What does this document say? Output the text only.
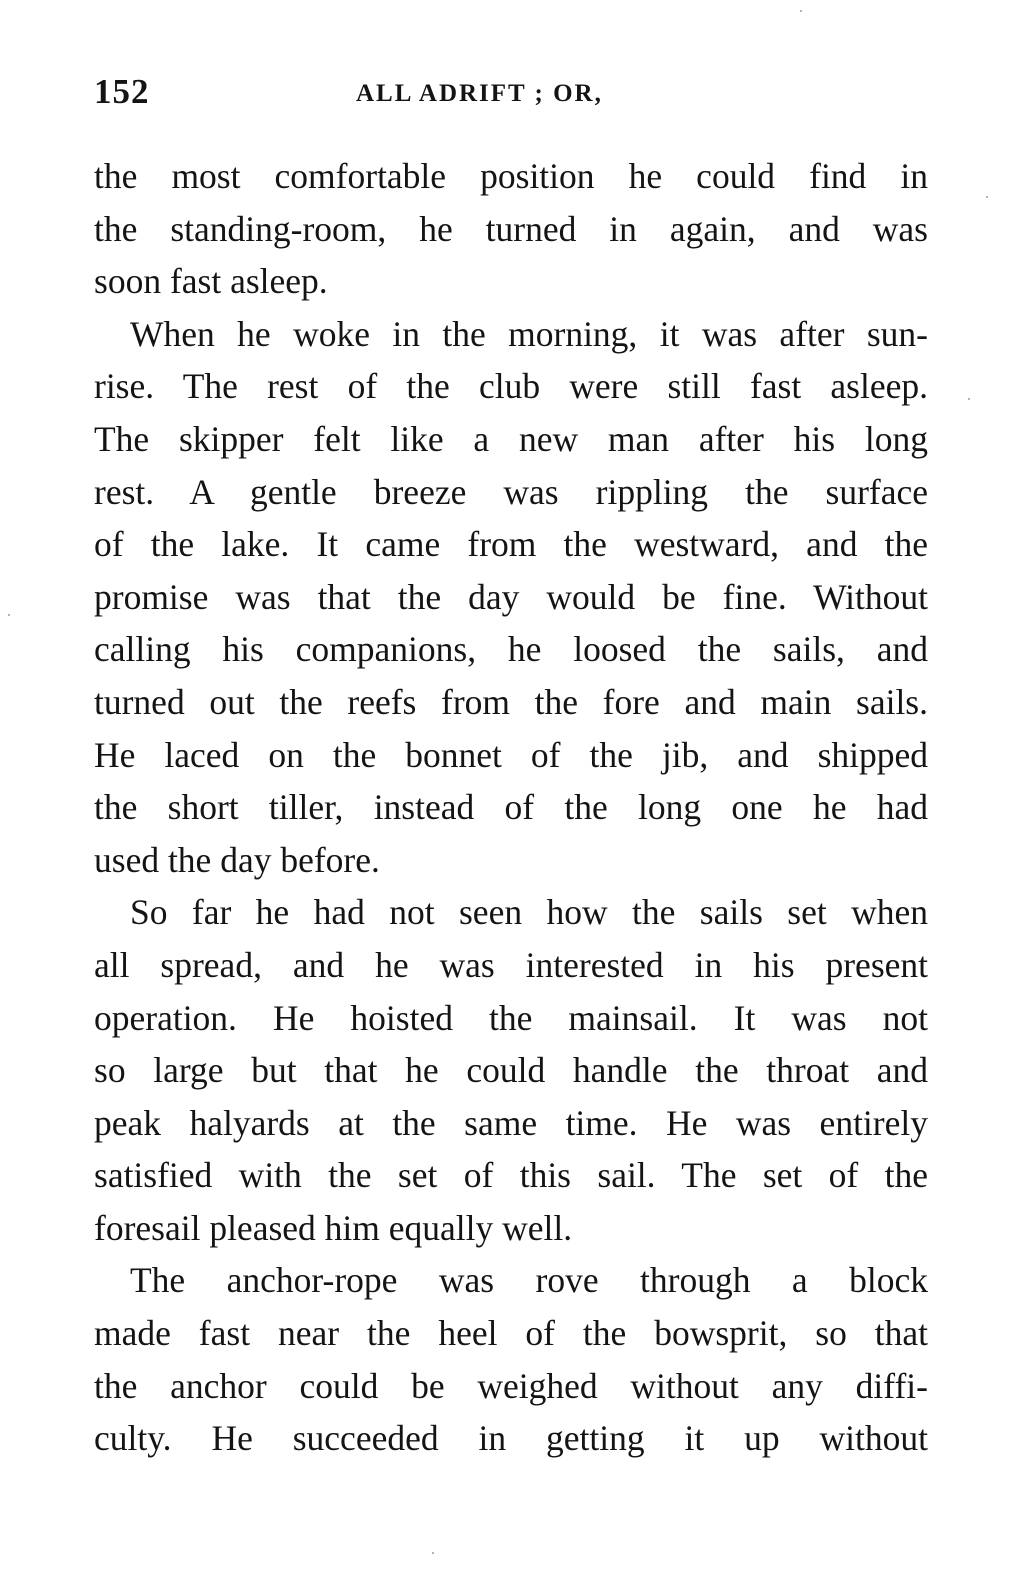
152	ALL ADRIFT ; OR,

the most comfortable position he could find in
the standing-room, he turned in again, and was
soon fast asleep.

When he woke in the morning, it was after sun-
rise. The rest of the club were still fast asleep.
The skipper felt like a new man after his long
rest. A gentle breeze was rippling the surface
of the lake. It came from the westward, and the
promise was that the day would be fine. Without
calling his companions, he loosed the sails, and
turned out the reefs from the fore and main sails.
He laced on the bonnet of the jib, and shipped
the short tiller, instead of the long one he had
used the day before.

So far he had not seen how the sails set when
all spread, and he was interested in his present
operation. He hoisted the mainsail. It was not
so large but that he could handle the throat and
peak halyards at the same time. He was entirely
satisfied with the set of this sail. The set of the
foresail pleased him equally well.

The anchor-rope was rove through a block
made fast near the heel of the bowsprit, so that
the anchor could be weighed without any diffi-
culty. He succeeded in getting it up without
